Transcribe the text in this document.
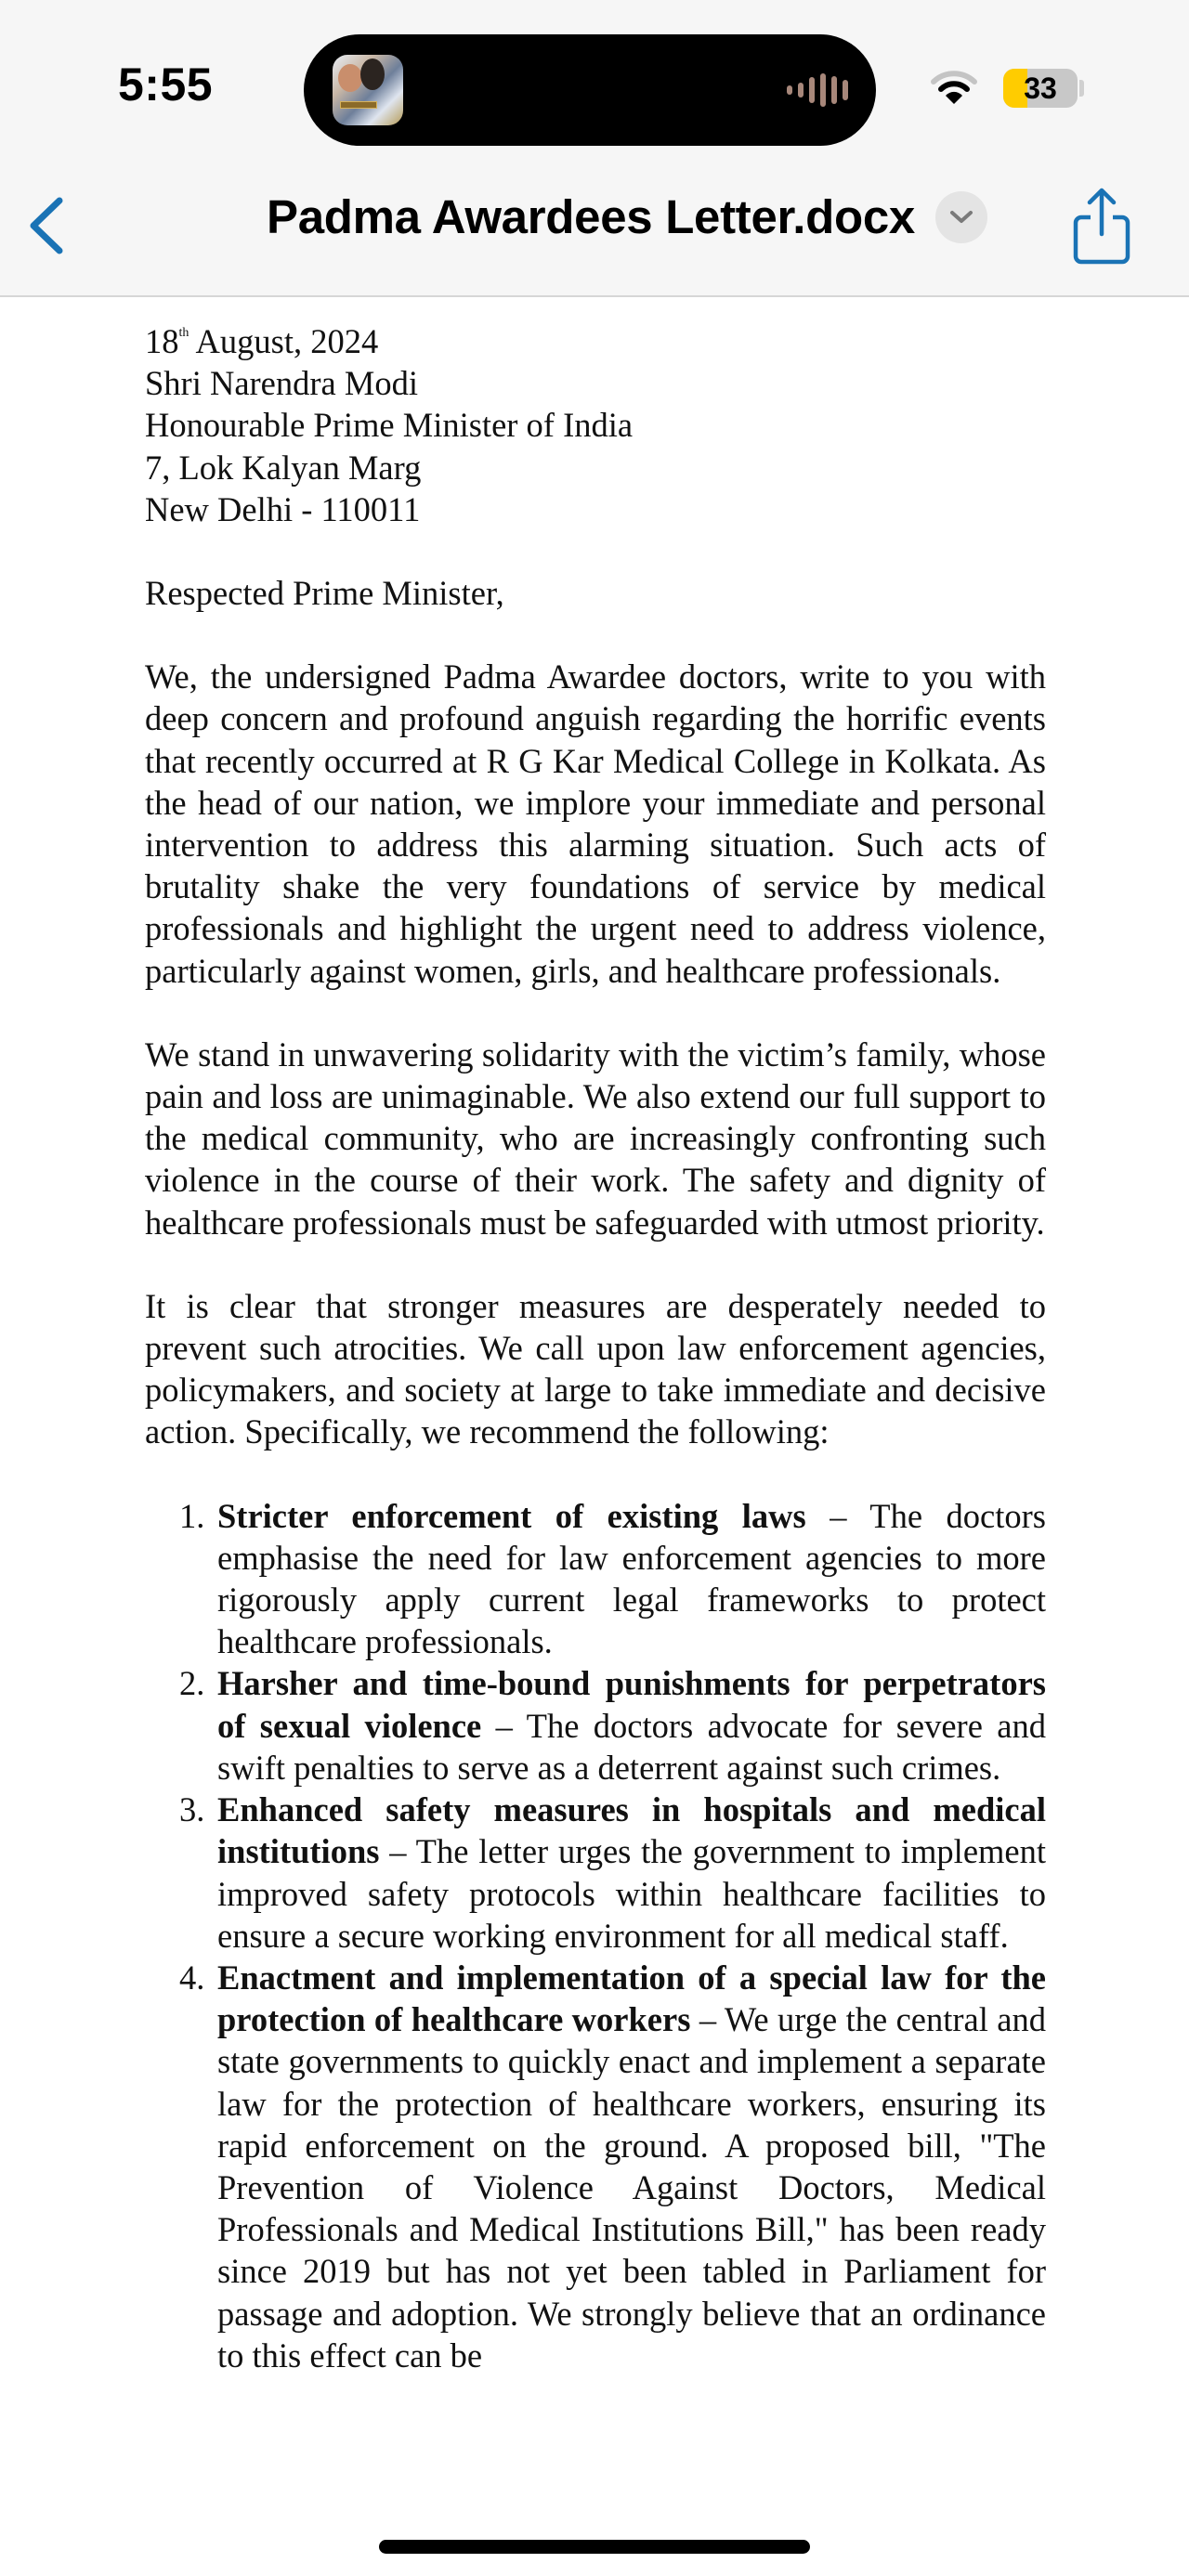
5:55	33
Padma Awardees Letter.docx
18th August, 2024
Shri Narendra Modi
Honourable Prime Minister of India
7, Lok Kalyan Marg
New Delhi - 110011
Respected Prime Minister,

We, the undersigned Padma Awardee doctors, write to you with deep concern and profound anguish regarding the horrific events that recently occurred at R G Kar Medical College in Kolkata. As the head of our nation, we implore your immediate and personal intervention to address this alarming situation. Such acts of brutality shake the very foundations of service by medical professionals and highlight the urgent need to address violence, particularly against women, girls, and healthcare professionals.

We stand in unwavering solidarity with the victim’s family, whose pain and loss are unimaginable. We also extend our full support to the medical community, who are increasingly confronting such violence in the course of their work. The safety and dignity of healthcare professionals must be safeguarded with utmost priority.

It is clear that stronger measures are desperately needed to prevent such atrocities. We call upon law enforcement agencies, policymakers, and society at large to take immediate and decisive action. Specifically, we recommend the following:

1. Stricter enforcement of existing laws – The doctors emphasise the need for law enforcement agencies to more rigorously apply current legal frameworks to protect healthcare professionals.
2. Harsher and time-bound punishments for perpetrators of sexual violence – The doctors advocate for severe and swift penalties to serve as a deterrent against such crimes.
3. Enhanced safety measures in hospitals and medical institutions – The letter urges the government to implement improved safety protocols within healthcare facilities to ensure a secure working environment for all medical staff.
4. Enactment and implementation of a special law for the protection of healthcare workers – We urge the central and state governments to quickly enact and implement a separate law for the protection of healthcare workers, ensuring its rapid enforcement on the ground. A proposed bill, "The Prevention of Violence Against Doctors, Medical Professionals and Medical Institutions Bill," has been ready since 2019 but has not yet been tabled in Parliament for passage and adoption. We strongly believe that an ordinance to this effect can be
